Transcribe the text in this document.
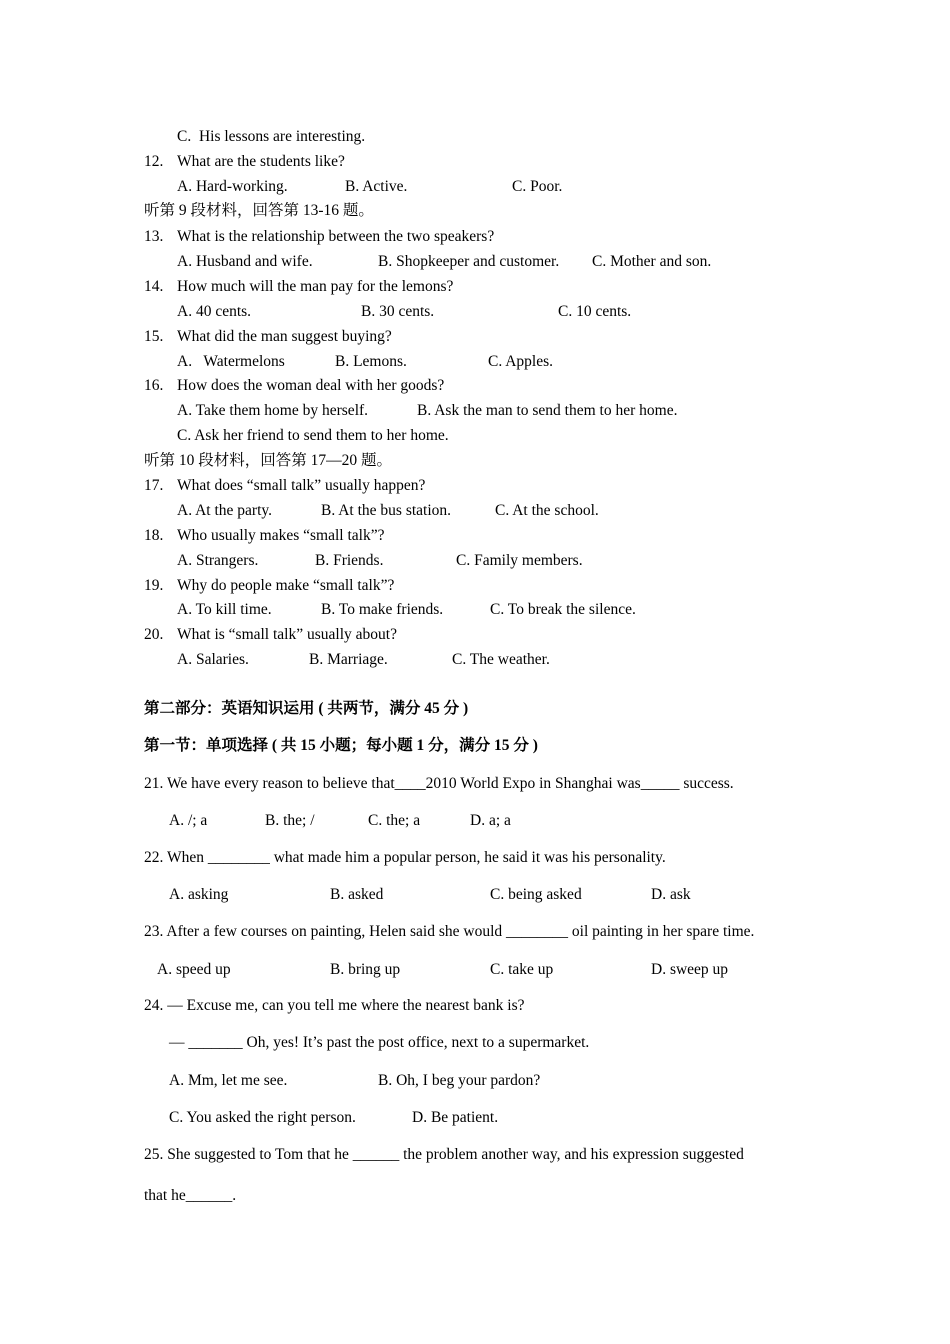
C.  His lessons are interesting.
12. What are the students like?
A. Hard-working.	B. Active.	C. Poor.
听第 9 段材料，回答第 13-16 题。
13. What is the relationship between the two speakers?
A. Husband and wife.	B. Shopkeeper and customer. C. Mother and son.
14. How much will the man pay for the lemons?
A. 40 cents.	B. 30 cents.	C. 10 cents.
15. What did the man suggest buying?
A.   Watermelons	B. Lemons.	C. Apples.
16. How does the woman deal with her goods?
A. Take them home by herself.	B. Ask the man to send them to her home.
C. Ask her friend to send them to her home.
听第 10 段材料，回答第 17—20 题。
17. What does “small talk” usually happen?
A. At the party.	B. At the bus station.	C. At the school.
18. Who usually makes “small talk”?
A. Strangers.	B. Friends.	C. Family members.
19. Why do people make “small talk”?
A. To kill time.	B. To make friends.	C. To break the silence.
20. What is “small talk” usually about?
A. Salaries.	B. Marriage.	C. The weather.
第二部分：英语知识运用 ( 共两节，满分 45 分 )
第一节：单项选择 ( 共 15 小题；每小题 1 分，满分 15 分 )
21. We have every reason to believe that____2010 World Expo in Shanghai was_____ success.
A. /; a	B. the; /	C. the; a	D. a; a
22. When ________ what made him a popular person, he said it was his personality.
A. asking	B. asked	C. being asked	D. ask
23. After a few courses on painting, Helen said she would ________ oil painting in her spare time.
A. speed up	B. bring up	C. take up	D. sweep up
24. — Excuse me, can you tell me where the nearest bank is?
— _______ Oh, yes! It’s past the post office, next to a supermarket.
A. Mm, let me see.	B. Oh, I beg your pardon?
C. You asked the right person.	D. Be patient.
25. She suggested to Tom that he ______ the problem another way, and his expression suggested
that he______.
